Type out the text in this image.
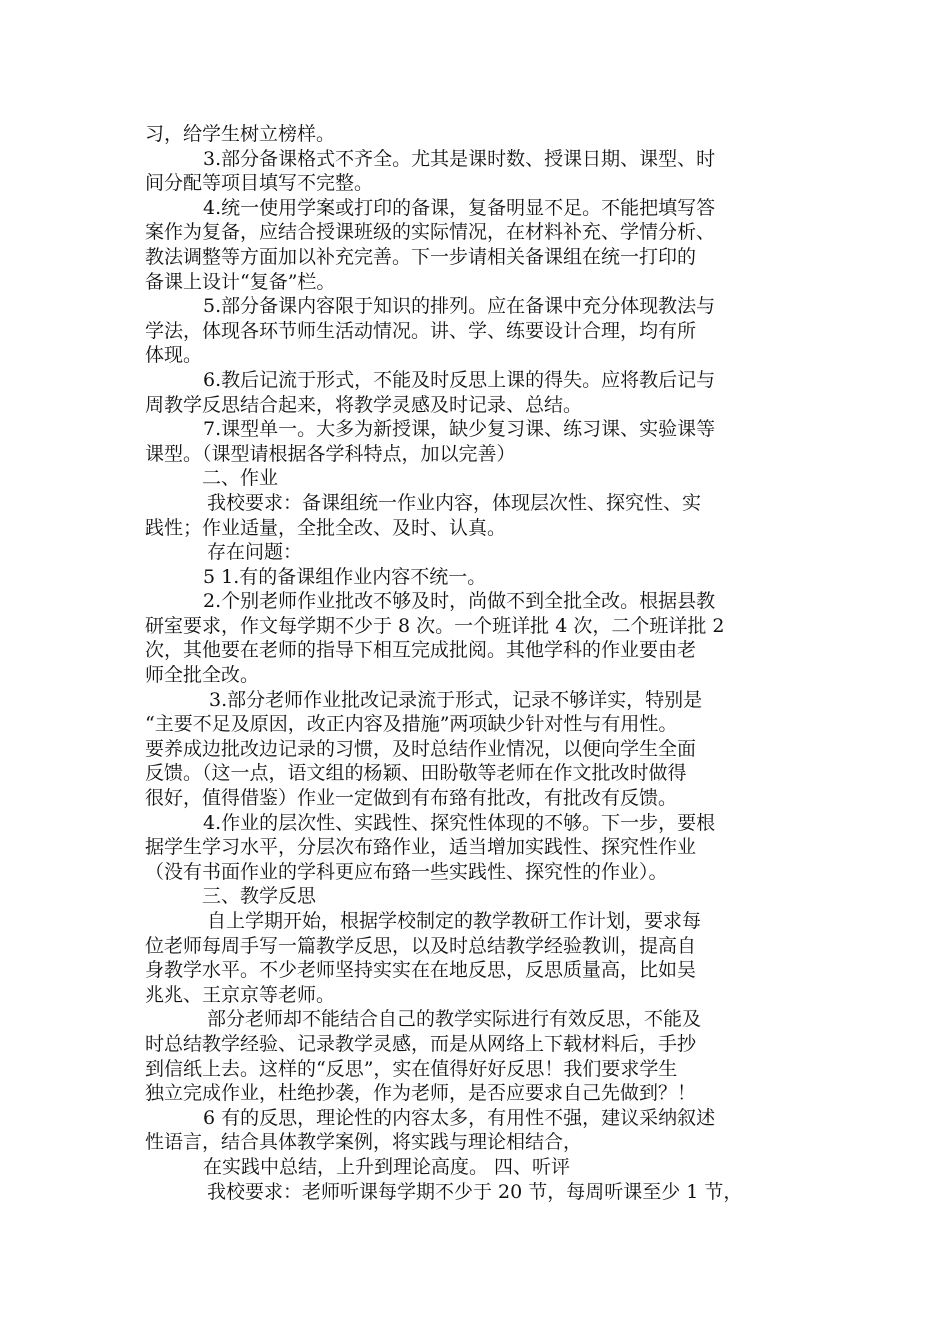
习，给学生树立榜样。
3.部分备课格式不齐全。尤其是课时数、授课日期、课型、时
间分配等项目填写不完整。
4.统一使用学案或打印的备课，复备明显不足。不能把填写答
案作为复备，应结合授课班级的实际情况，在材料补充、学情分析、
教法调整等方面加以补充完善。下一步请相关备课组在统一打印的
备课上设计“复备”栏。
5.部分备课内容限于知识的排列。应在备课中充分体现教法与
学法，体现各环节师生活动情况。讲、学、练要设计合理，均有所
体现。
6.教后记流于形式，不能及时反思上课的得失。应将教后记与
周教学反思结合起来，将教学灵感及时记录、总结。
7.课型单一。大多为新授课，缺少复习课、练习课、实验课等
课型。（课型请根据各学科特点，加以完善）
二、作业
我校要求：备课组统一作业内容，体现层次性、探究性、实
践性；作业适量，全批全改、及时、认真。
存在问题：
5 1.有的备课组作业内容不统一。
2.个别老师作业批改不够及时，尚做不到全批全改。根据县教
研室要求，作文每学期不少于 8 次。一个班详批 4 次，二个班详批 2
次，其他要在老师的指导下相互完成批阅。其他学科的作业要由老
师全批全改。
3.部分老师作业批改记录流于形式，记录不够详实，特别是
“主要不足及原因，改正内容及措施”两项缺少针对性与有用性。
要养成边批改边记录的习惯，及时总结作业情况，以便向学生全面
反馈。（这一点，语文组的杨颖、田盼敬等老师在作文批改时做得
很好，值得借鉴）作业一定做到有布臵有批改，有批改有反馈。
4.作业的层次性、实践性、探究性体现的不够。下一步，要根
据学生学习水平，分层次布臵作业，适当增加实践性、探究性作业
（没有书面作业的学科更应布臵一些实践性、探究性的作业）。
三、教学反思
自上学期开始，根据学校制定的教学教研工作计划，要求每
位老师每周手写一篇教学反思，以及时总结教学经验教训，提高自
身教学水平。不少老师坚持实实在在地反思，反思质量高，比如吴
兆兆、王京京等老师。
部分老师却不能结合自己的教学实际进行有效反思，不能及
时总结教学经验、记录教学灵感，而是从网络上下载材料后，手抄
到信纸上去。这样的“反思”，实在值得好好反思！我们要求学生
独立完成作业，杜绝抄袭，作为老师，是否应要求自己先做到？！
6 有的反思，理论性的内容太多，有用性不强，建议采纳叙述
性语言，结合具体教学案例，将实践与理论相结合，
在实践中总结，上升到理论高度。 四、听评
我校要求：老师听课每学期不少于 20 节，每周听课至少 1 节，
